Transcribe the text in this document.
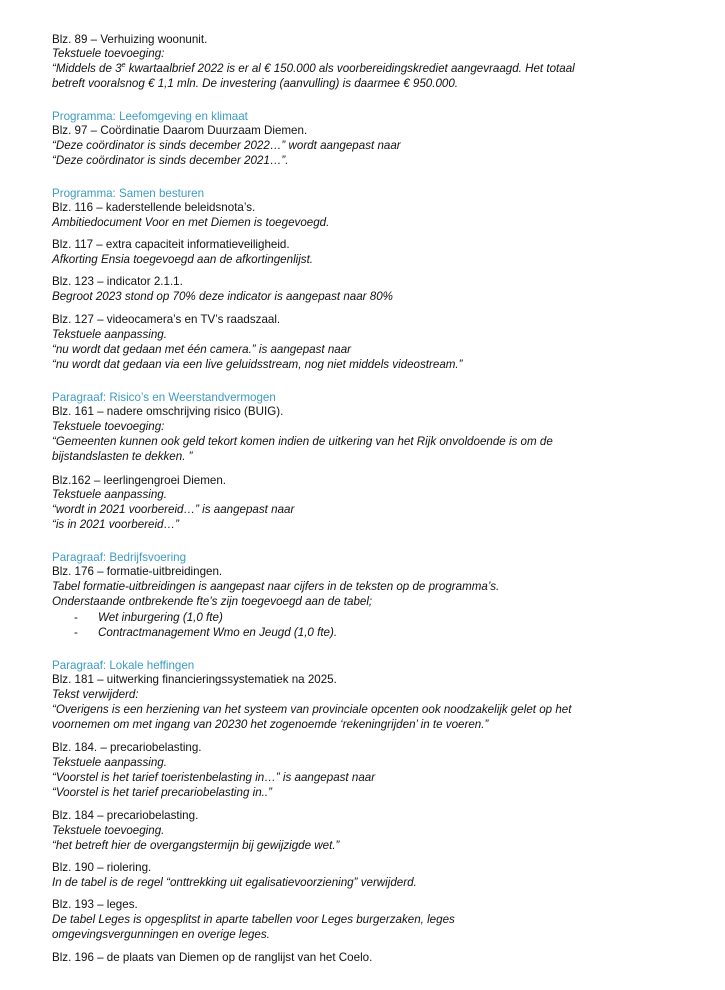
Blz. 89 – Verhuizing woonunit.
Tekstuele toevoeging:
“Middels de 3e kwartaalbrief 2022 is er al € 150.000 als voorbereidingskrediet aangevraagd. Het totaal
betreft vooralsnog € 1,1 mln. De investering (aanvulling) is daarmee € 950.000.
Programma: Leefomgeving en klimaat
Blz. 97 – Coördinatie Daarom Duurzaam Diemen.
“Deze coördinator is sinds december 2022…” wordt aangepast naar
“Deze coördinator is sinds december 2021…”.
Programma: Samen besturen
Blz. 116 – kaderstellende beleidsnota’s.
Ambitiedocument Voor en met Diemen is toegevoegd.
Blz. 117 – extra capaciteit informatieveiligheid.
Afkorting Ensia toegevoegd aan de afkortingenlijst.
Blz. 123 – indicator 2.1.1.
Begroot 2023 stond op 70% deze indicator is aangepast naar 80%
Blz. 127 – videocamera’s en TV’s raadszaal.
Tekstuele aanpassing.
“nu wordt dat gedaan met één camera.” is aangepast naar
“nu wordt dat gedaan via een live geluidsstream, nog niet middels videostream.”
Paragraaf: Risico’s en Weerstandvermogen
Blz. 161 – nadere omschrijving risico (BUIG).
Tekstuele toevoeging:
“Gemeenten kunnen ook geld tekort komen indien de uitkering van het Rijk onvoldoende is om de
bijstandslasten te dekken. ”
Blz.162 – leerlingengroei Diemen.
Tekstuele aanpassing.
“wordt in 2021 voorbereid…” is aangepast naar
“is in 2021 voorbereid…”
Paragraaf: Bedrijfsvoering
Blz. 176 – formatie-uitbreidingen.
Tabel formatie-uitbreidingen is aangepast naar cijfers in de teksten op de programma’s.
Onderstaande ontbrekende fte’s zijn toegevoegd aan de tabel;
- Wet inburgering (1,0 fte)
- Contractmanagement Wmo en Jeugd (1,0 fte).
Paragraaf: Lokale heffingen
Blz. 181 – uitwerking financieringssystematiek na 2025.
Tekst verwijderd:
“Overigens is een herziening van het systeem van provinciale opcenten ook noodzakelijk gelet op het
voornemen om met ingang van 20230 het zogenoemde ‘rekeningrijden’ in te voeren.”
Blz. 184. – precariobelasting.
Tekstuele aanpassing.
“Voorstel is het tarief toeristenbelasting in…” is aangepast naar
“Voorstel is het tarief precariobelasting in..”
Blz. 184 – precariobelasting.
Tekstuele toevoeging.
“het betreft hier de overgangstermijn bij gewijzigde wet.”
Blz. 190 – riolering.
In de tabel is de regel “onttrekking uit egalisatievoorziening” verwijderd.
Blz. 193 – leges.
De tabel Leges is opgesplitst in aparte tabellen voor Leges burgerzaken, leges
omgevingsvergunningen en overige leges.
Blz. 196 – de plaats van Diemen op de ranglijst van het Coelo.
